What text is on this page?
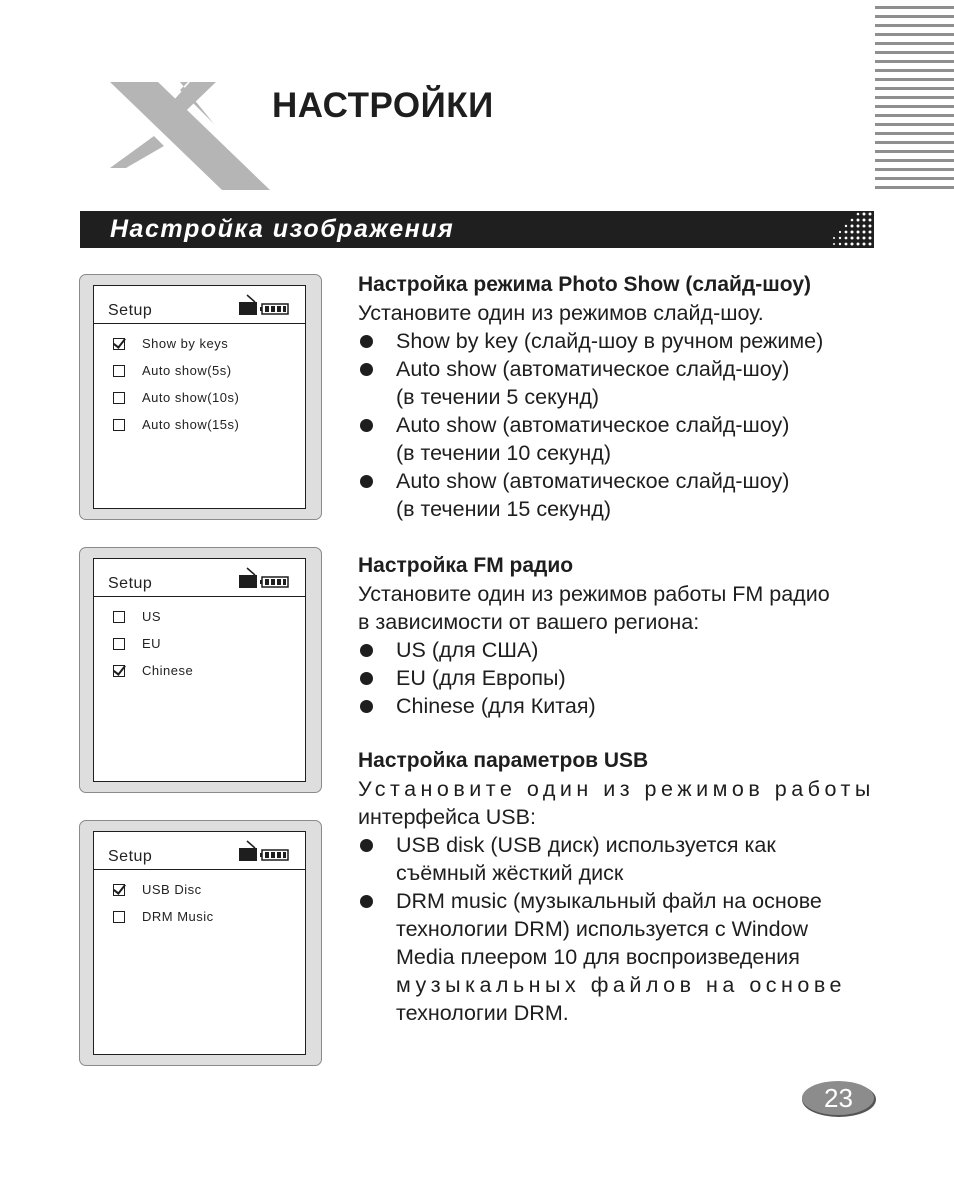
НАСТРОЙКИ
Настройка изображения
Setup
Show by keys
Auto show(5s)
Auto show(10s)
Auto show(15s)
Setup
US
EU
Chinese
Setup
USB Disc
DRM Music
Настройка режима Photo Show (слайд-шоу)
Установите один из режимов слайд-шоу.
Show by key (слайд-шоу в ручном режиме)
Auto show (автоматическое слайд-шоу)
(в течении 5 секунд)
Auto show (автоматическое слайд-шоу)
(в течении 10 секунд)
Auto show (автоматическое слайд-шоу)
(в течении 15 секунд)
Настройка FM радио
Установите один из режимов работы FM радио
в зависимости от вашего региона:
US (для США)
EU (для Европы)
Chinese (для Китая)
Настройка параметров USB
Установите один из режимов работы
интерфейса USB:
USB disk (USB диск) используется как
съёмный жёсткий диск
DRM music (музыкальный файл на основе
технологии DRM) используется с Window
Media плеером 10 для воспроизведения
музыкальных файлов на основе
технологии DRM.
23
